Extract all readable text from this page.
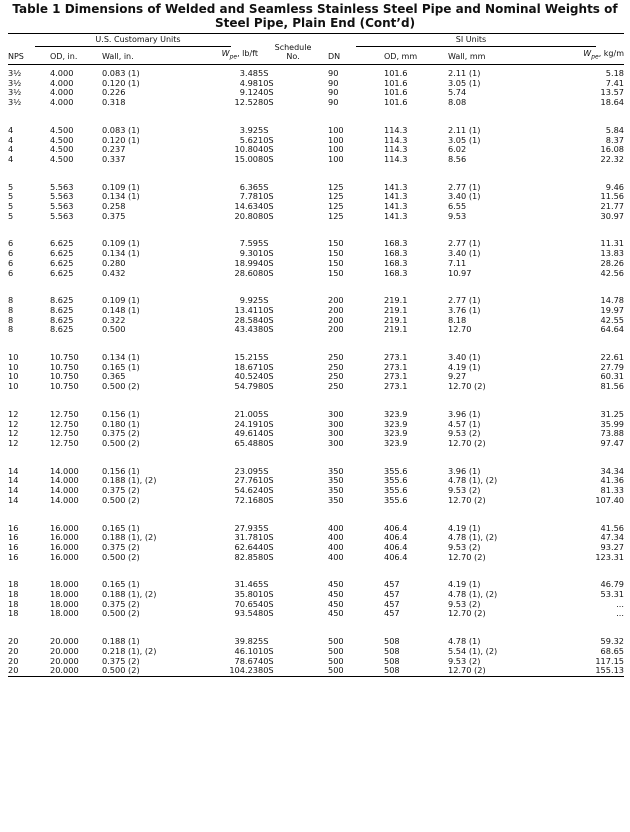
Table 1 Dimensions of Welded and Seamless Stainless Steel Pipe and Nominal Weights of
Steel Pipe, Plain End (Cont’d)
U.S. Customary Units				Schedule
No.	SI Units			
NPS	OD, in.	Wall, in.	$W_{pe}$, lb/ft		DN	OD, mm	Wall, mm	$W_{pe}$, kg/m
3½	4.000	0.083 (1)	3.48	5S	90	101.6	2.11 (1)	5.18
3½	4.000	0.120 (1)	4.98	10S	90	101.6	3.05 (1)	7.41
3½	4.000	0.226	9.12	40S	90	101.6	5.74	13.57
3½	4.000	0.318	12.52	80S	90	101.6	8.08	18.64

4	4.500	0.083 (1)	3.92	5S	100	114.3	2.11 (1)	5.84
4	4.500	0.120 (1)	5.62	10S	100	114.3	3.05 (1)	8.37
4	4.500	0.237	10.80	40S	100	114.3	6.02	16.08
4	4.500	0.337	15.00	80S	100	114.3	8.56	22.32

5	5.563	0.109 (1)	6.36	5S	125	141.3	2.77 (1)	9.46
5	5.563	0.134 (1)	7.78	10S	125	141.3	3.40 (1)	11.56
5	5.563	0.258	14.63	40S	125	141.3	6.55	21.77
5	5.563	0.375	20.80	80S	125	141.3	9.53	30.97

6	6.625	0.109 (1)	7.59	5S	150	168.3	2.77 (1)	11.31
6	6.625	0.134 (1)	9.30	10S	150	168.3	3.40 (1)	13.83
6	6.625	0.280	18.99	40S	150	168.3	7.11	28.26
6	6.625	0.432	28.60	80S	150	168.3	10.97	42.56

8	8.625	0.109 (1)	9.92	5S	200	219.1	2.77 (1)	14.78
8	8.625	0.148 (1)	13.41	10S	200	219.1	3.76 (1)	19.97
8	8.625	0.322	28.58	40S	200	219.1	8.18	42.55
8	8.625	0.500	43.43	80S	200	219.1	12.70	64.64

10	10.750	0.134 (1)	15.21	5S	250	273.1	3.40 (1)	22.61
10	10.750	0.165 (1)	18.67	10S	250	273.1	4.19 (1)	27.79
10	10.750	0.365	40.52	40S	250	273.1	9.27	60.31
10	10.750	0.500 (2)	54.79	80S	250	273.1	12.70 (2)	81.56

12	12.750	0.156 (1)	21.00	5S	300	323.9	3.96 (1)	31.25
12	12.750	0.180 (1)	24.19	10S	300	323.9	4.57 (1)	35.99
12	12.750	0.375 (2)	49.61	40S	300	323.9	9.53 (2)	73.88
12	12.750	0.500 (2)	65.48	80S	300	323.9	12.70 (2)	97.47

14	14.000	0.156 (1)	23.09	5S	350	355.6	3.96 (1)	34.34
14	14.000	0.188 (1), (2)	27.76	10S	350	355.6	4.78 (1), (2)	41.36
14	14.000	0.375 (2)	54.62	40S	350	355.6	9.53 (2)	81.33
14	14.000	0.500 (2)	72.16	80S	350	355.6	12.70 (2)	107.40

16	16.000	0.165 (1)	27.93	5S	400	406.4	4.19 (1)	41.56
16	16.000	0.188 (1), (2)	31.78	10S	400	406.4	4.78 (1), (2)	47.34
16	16.000	0.375 (2)	62.64	40S	400	406.4	9.53 (2)	93.27
16	16.000	0.500 (2)	82.85	80S	400	406.4	12.70 (2)	123.31

18	18.000	0.165 (1)	31.46	5S	450	457	4.19 (1)	46.79
18	18.000	0.188 (1), (2)	35.80	10S	450	457	4.78 (1), (2)	53.31
18	18.000	0.375 (2)	70.65	40S	450	457	9.53 (2)	...
18	18.000	0.500 (2)	93.54	80S	450	457	12.70 (2)	...

20	20.000	0.188 (1)	39.82	5S	500	508	4.78 (1)	59.32
20	20.000	0.218 (1), (2)	46.10	10S	500	508	5.54 (1), (2)	68.65
20	20.000	0.375 (2)	78.67	40S	500	508	9.53 (2)	117.15
20	20.000	0.500 (2)	104.23	80S	500	508	12.70 (2)	155.13
